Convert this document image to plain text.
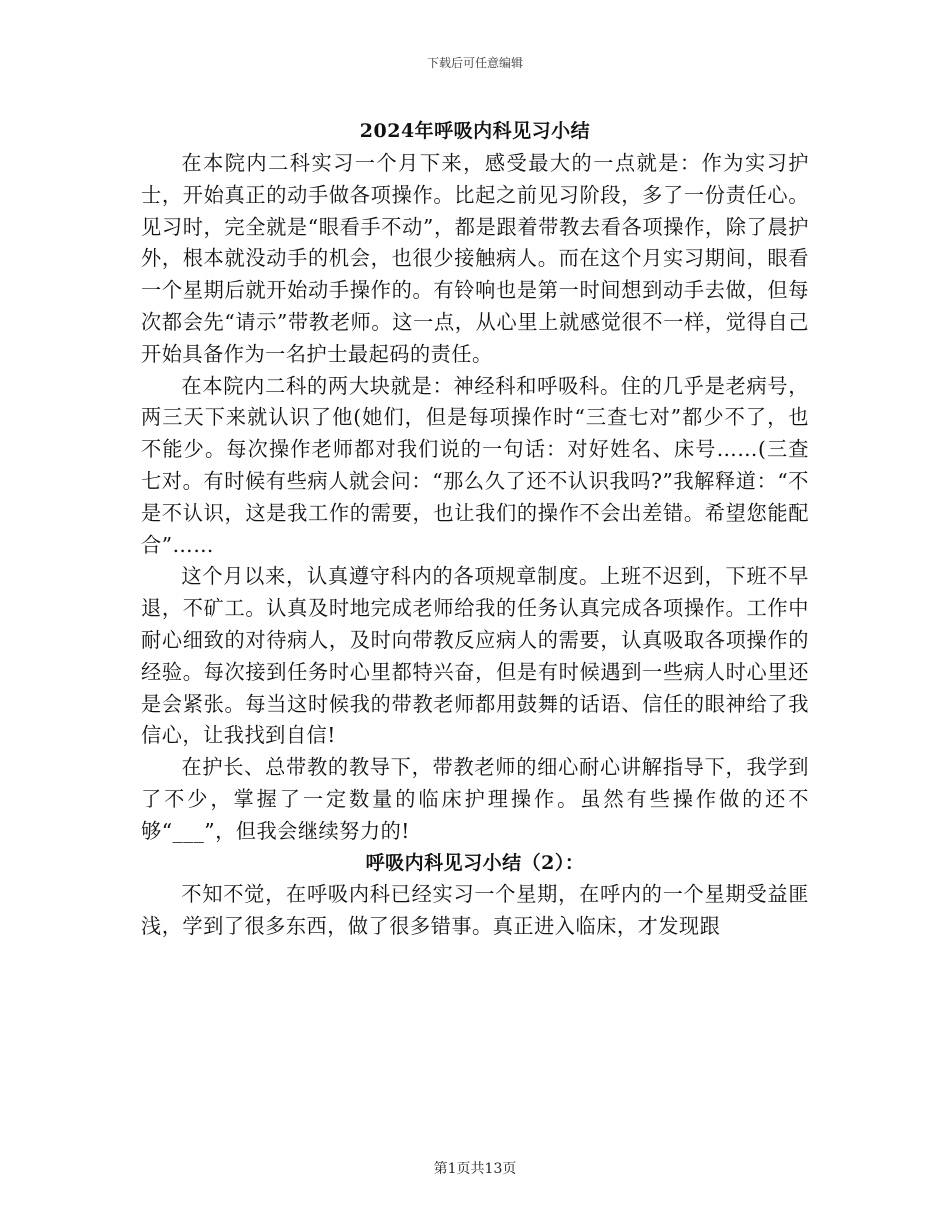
下载后可任意编辑
2024年呼吸内科见习小结

在本院内二科实习一个月下来，感受最大的一点就是：作为实习护士，开始真正的动手做各项操作。比起之前见习阶段，多了一份责任心。见习时，完全就是“眼看手不动”，都是跟着带教去看各项操作，除了晨护外，根本就没动手的机会，也很少接触病人。而在这个月实习期间，眼看一个星期后就开始动手操作的。有铃响也是第一时间想到动手去做，但每次都会先“请示”带教老师。这一点，从心里上就感觉很不一样，觉得自己开始具备作为一名护士最起码的责任。

在本院内二科的两大块就是：神经科和呼吸科。住的几乎是老病号，两三天下来就认识了他(她们，但是每项操作时“三查七对”都少不了，也不能少。每次操作老师都对我们说的一句话：对好姓名、床号……(三查七对。有时候有些病人就会问：“那么久了还不认识我吗?”我解释道：“不是不认识，这是我工作的需要，也让我们的操作不会出差错。希望您能配合”……

这个月以来，认真遵守科内的各项规章制度。上班不迟到，下班不早退，不矿工。认真及时地完成老师给我的任务认真完成各项操作。工作中耐心细致的对待病人，及时向带教反应病人的需要，认真吸取各项操作的经验。每次接到任务时心里都特兴奋，但是有时候遇到一些病人时心里还是会紧张。每当这时候我的带教老师都用鼓舞的话语、信任的眼神给了我信心，让我找到自信!

在护长、总带教的教导下，带教老师的细心耐心讲解指导下，我学到了不少，掌握了一定数量的临床护理操作。虽然有些操作做的还不够“___”，但我会继续努力的!

呼吸内科见习小结（2）：

不知不觉，在呼吸内科已经实习一个星期，在呼内的一个星期受益匪浅，学到了很多东西，做了很多错事。真正进入临床，才发现跟

第1页共13页
